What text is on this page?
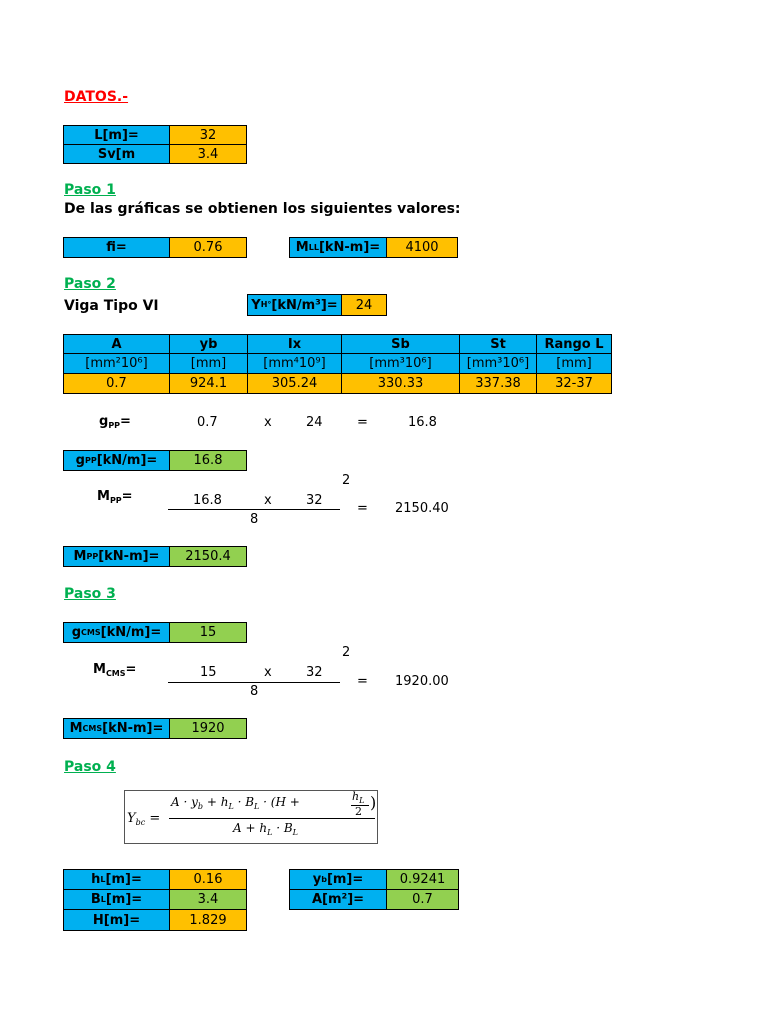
DATOS.-
L[m]=	32
Sv[m	3.4
Paso 1
De las gráficas se obtienen los siguientes valores:
fi=	0.76	M LL [kN-m]=	4100
Paso 2
Viga Tipo VI	Y H° [kN/m³]=	24
A	yb	Ix	Sb	St	Rango L
[mm²10⁶]	[mm]	[mm⁴10⁹]	[mm³10⁶]	[mm³10⁶]	[mm]
0.7	924.1	305.24	330.33	337.38	32-37
$g_{PP}=$	0.7	x	24	=	16.8
g PP [kN/m]=	16.8
2
$M_{PP}=$	16.8	x	32
8
= 2150.40
M PP [kN-m]=	2150.4
Paso 3
g CMS [kN/m]=	15
2
$M_{CMS}=$	15	x	32
8
= 1920.00
M CMS [kN-m]=	1920
Paso 4
$Y_{bc}$ =
$A \cdot y_b + h_L \cdot B_L \cdot (H$ +	$h_L$
2 )
$A + h_L \cdot B_L$
h L [m]=	0.16
B L [m]=	3.4
H [m]=	1.829
y b [m]=	0.9241
A [m²]=	0.7
